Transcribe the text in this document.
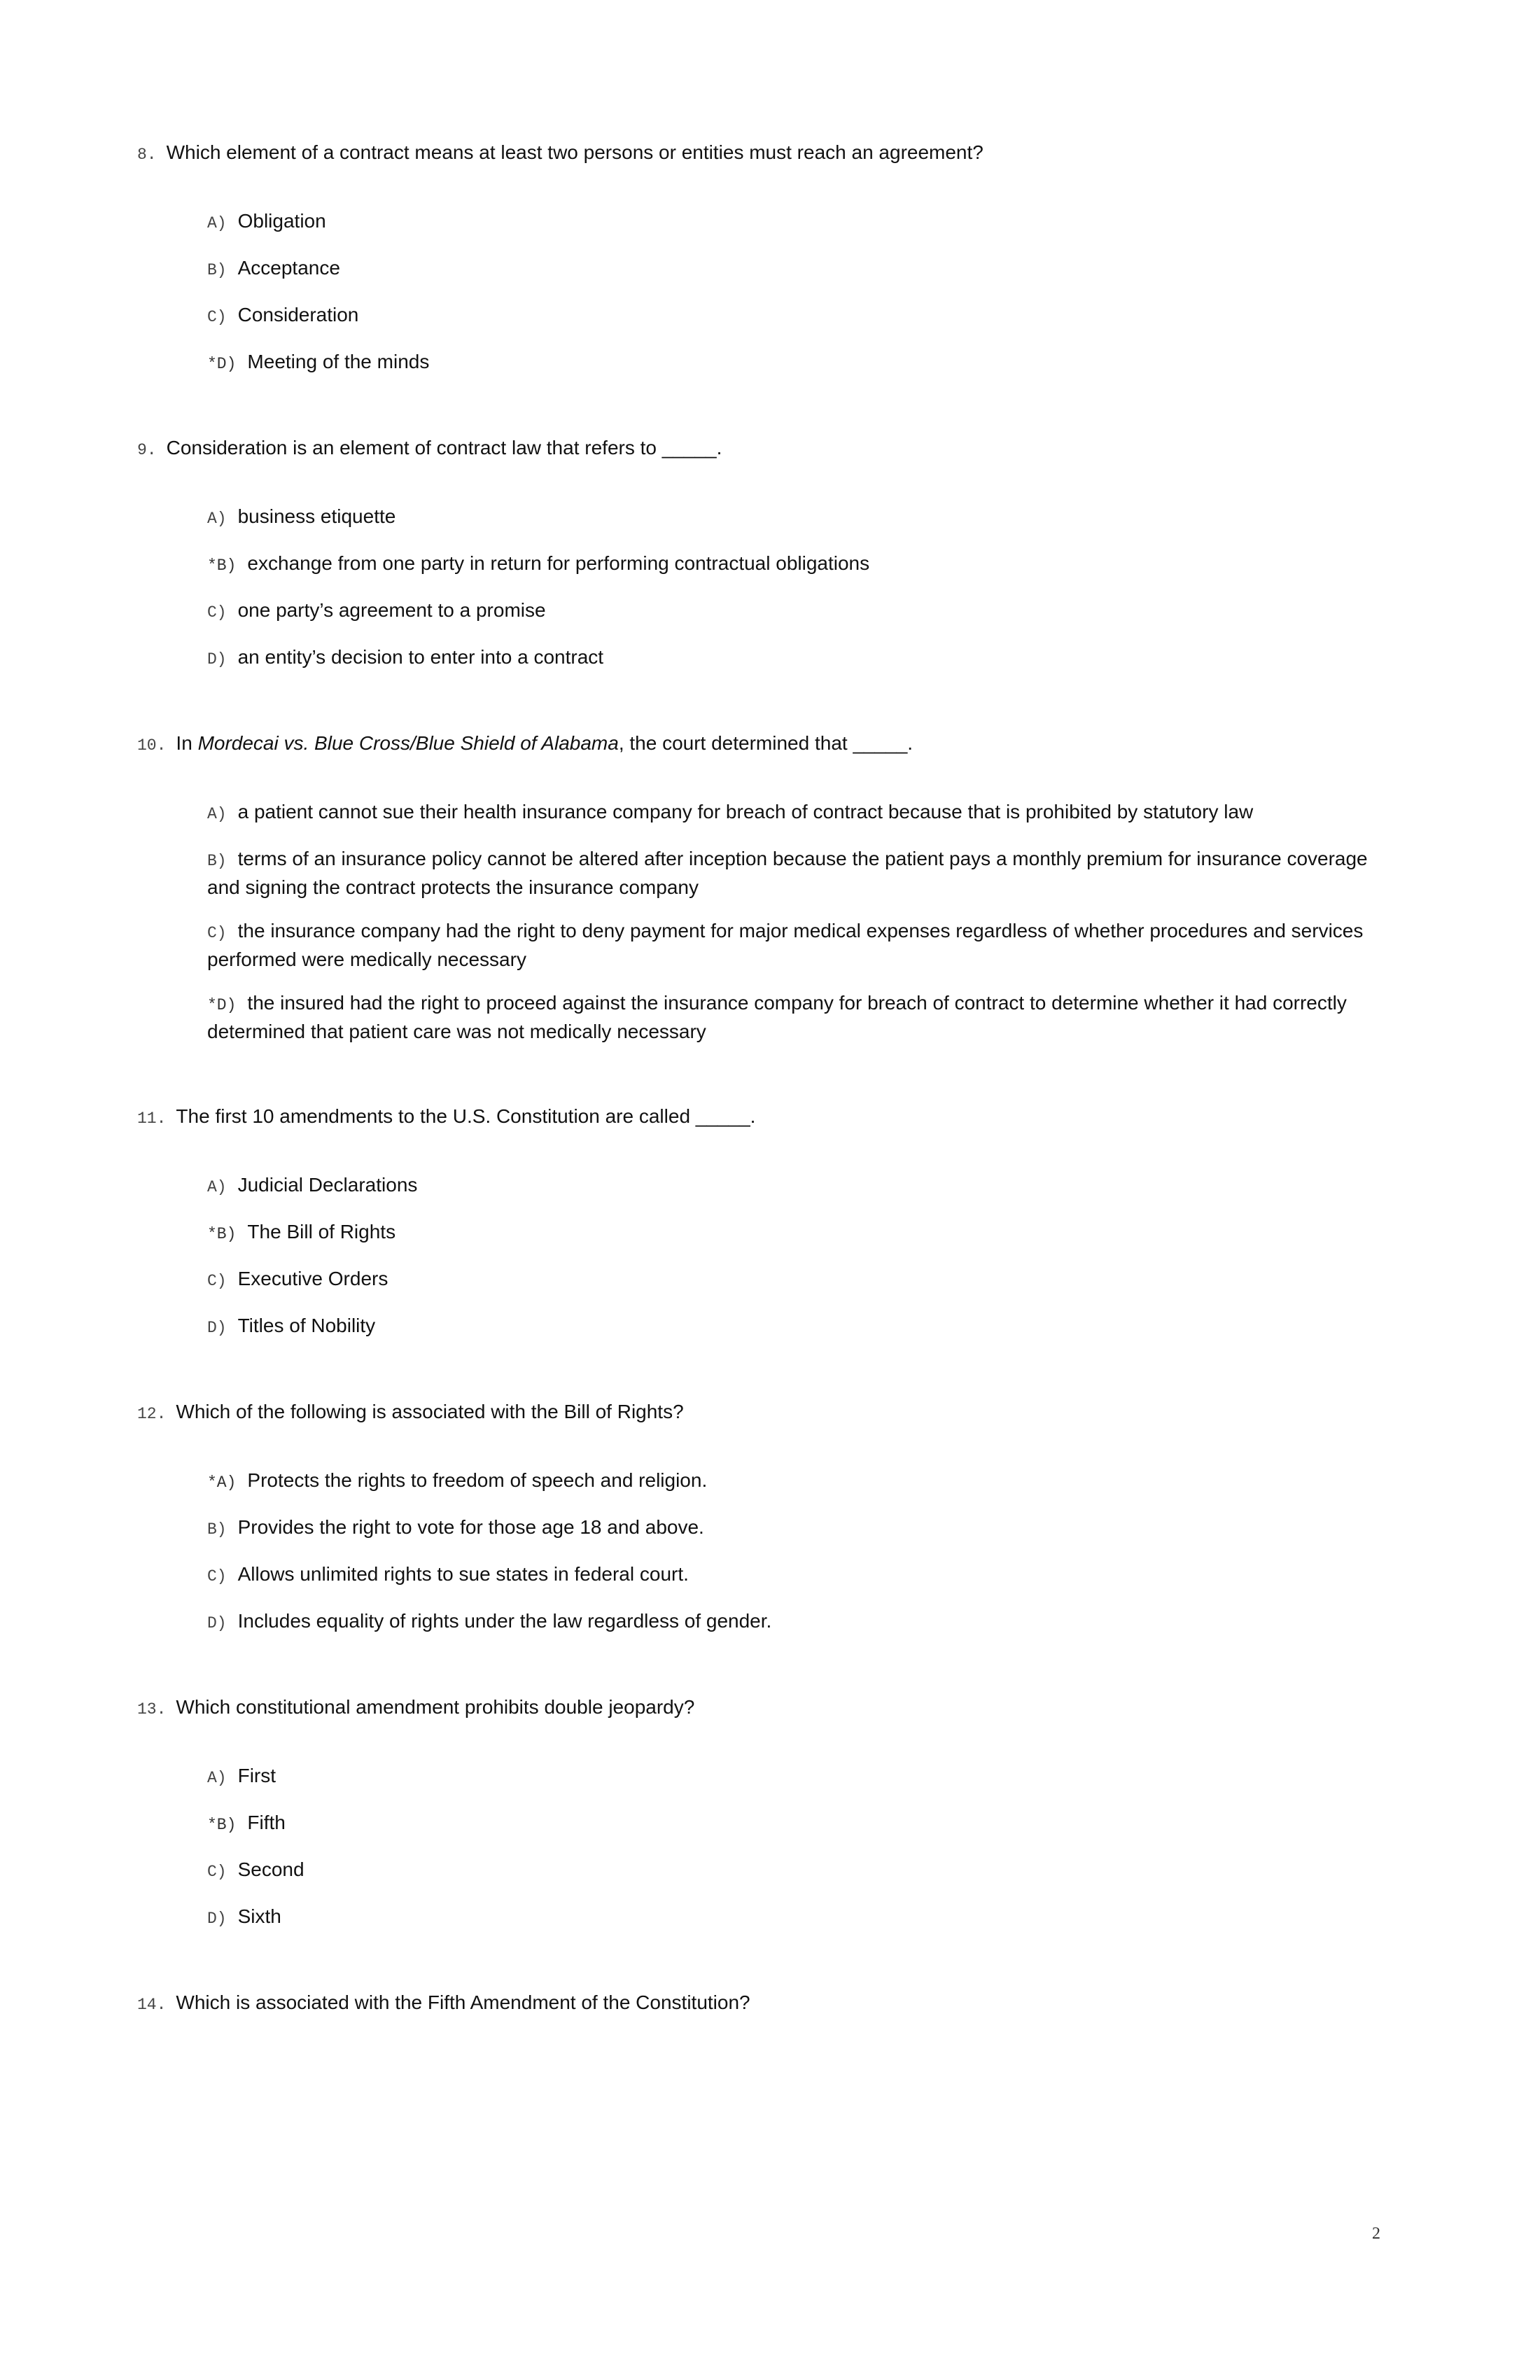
8. Which element of a contract means at least two persons or entities must reach an agreement?

A) Obligation
B) Acceptance
C) Consideration
*D) Meeting of the minds

9. Consideration is an element of contract law that refers to _____.

A) business etiquette
*B) exchange from one party in return for performing contractual obligations
C) one party’s agreement to a promise
D) an entity’s decision to enter into a contract

10. In Mordecai vs. Blue Cross/Blue Shield of Alabama, the court determined that _____.

A) a patient cannot sue their health insurance company for breach of contract because that is prohibited by statutory law
B) terms of an insurance policy cannot be altered after inception because the patient pays a monthly premium for insurance coverage and signing the contract protects the insurance company
C) the insurance company had the right to deny payment for major medical expenses regardless of whether procedures and services performed were medically necessary
*D) the insured had the right to proceed against the insurance company for breach of contract to determine whether it had correctly determined that patient care was not medically necessary

11. The first 10 amendments to the U.S. Constitution are called _____.

A) Judicial Declarations
*B) The Bill of Rights
C) Executive Orders
D) Titles of Nobility

12. Which of the following is associated with the Bill of Rights?

*A) Protects the rights to freedom of speech and religion.
B) Provides the right to vote for those age 18 and above.
C) Allows unlimited rights to sue states in federal court.
D) Includes equality of rights under the law regardless of gender.

13. Which constitutional amendment prohibits double jeopardy?

A) First
*B) Fifth
C) Second
D) Sixth

14. Which is associated with the Fifth Amendment of the Constitution?

2
